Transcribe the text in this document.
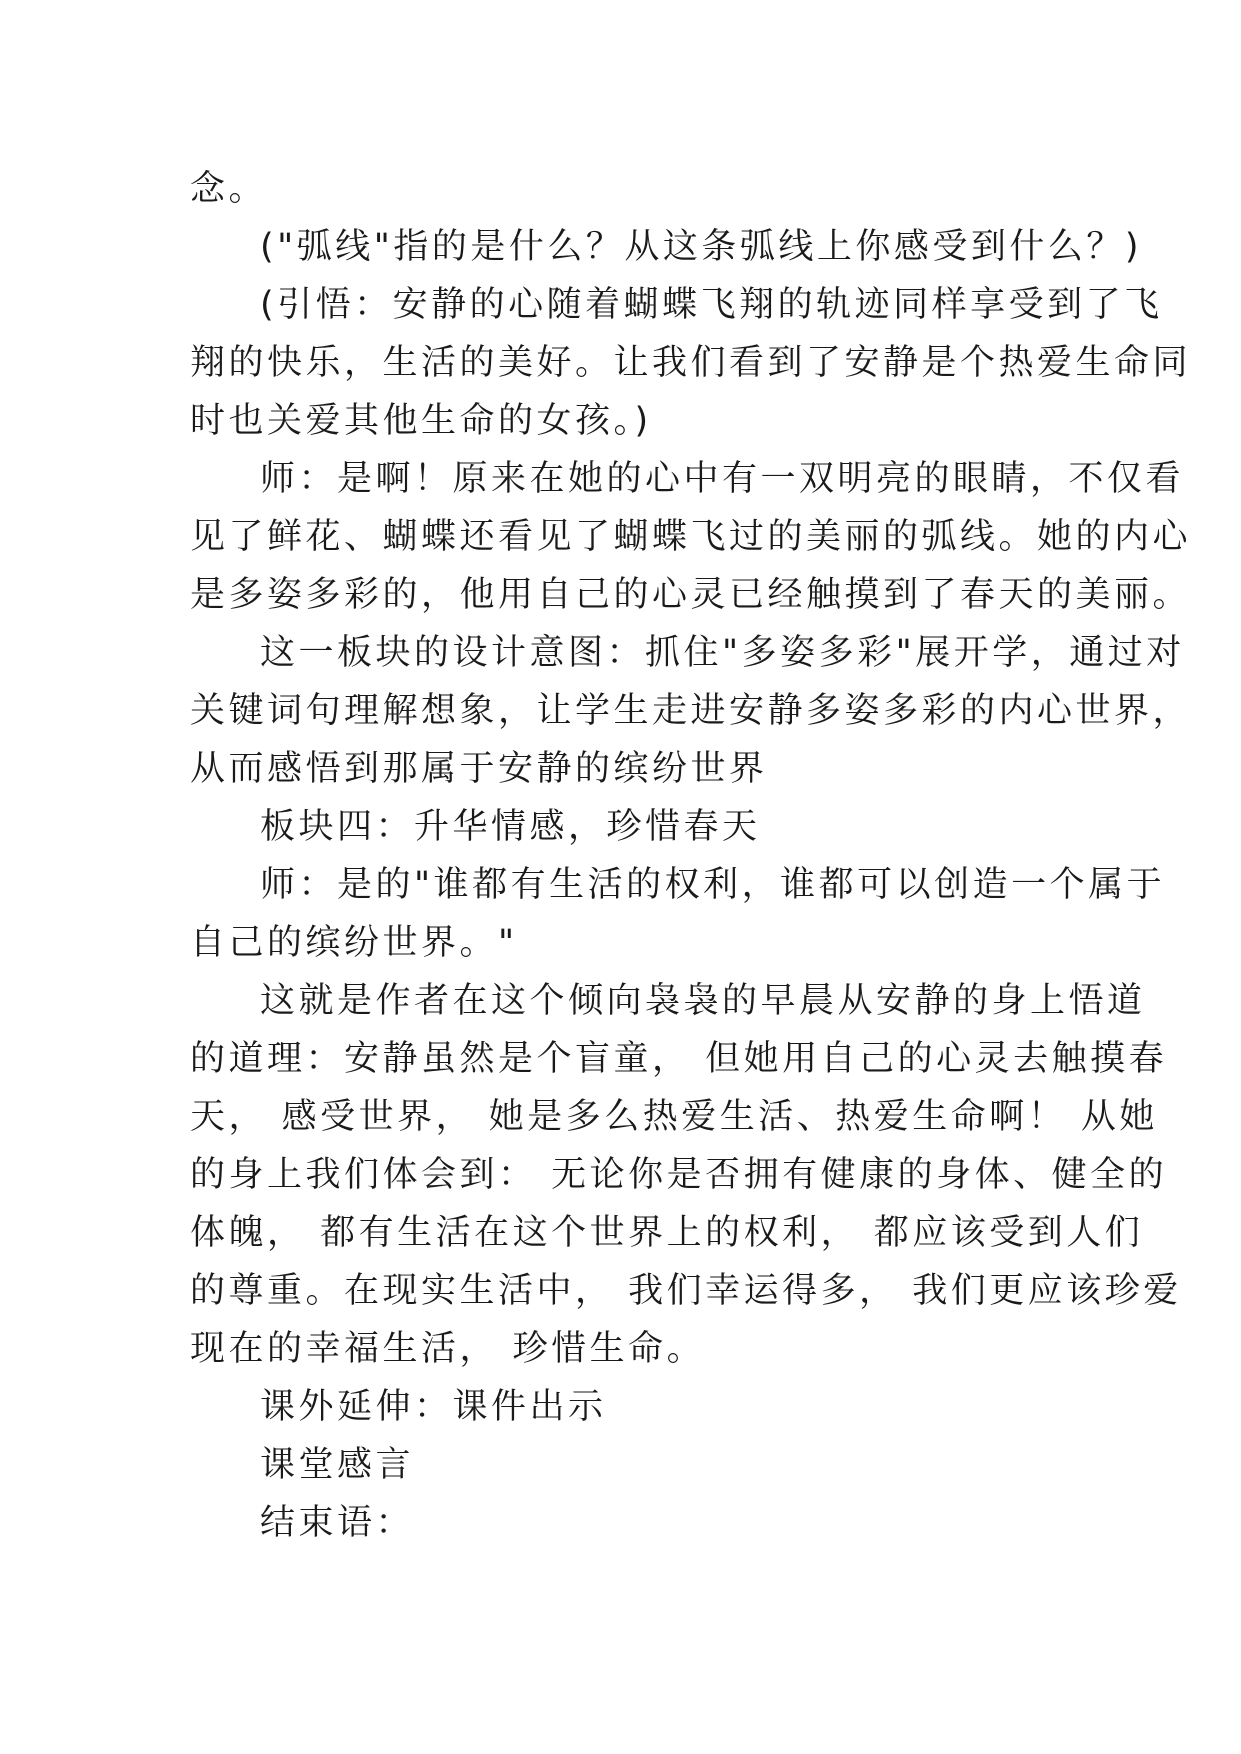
念。
("弧线"指的是什么？从这条弧线上你感受到什么？)
(引悟：安静的心随着蝴蝶飞翔的轨迹同样享受到了飞
翔的快乐，生活的美好。让我们看到了安静是个热爱生命同
时也关爱其他生命的女孩。)
师：是啊！原来在她的心中有一双明亮的眼睛，不仅看
见了鲜花、蝴蝶还看见了蝴蝶飞过的美丽的弧线。她的内心
是多姿多彩的，他用自己的心灵已经触摸到了春天的美丽。
这一板块的设计意图：抓住"多姿多彩"展开学，通过对
关键词句理解想象，让学生走进安静多姿多彩的内心世界，
从而感悟到那属于安静的缤纷世界
板块四：升华情感，珍惜春天
师：是的"谁都有生活的权利，谁都可以创造一个属于
自己的缤纷世界。"
这就是作者在这个倾向袅袅的早晨从安静的身上悟道
的道理：安静虽然是个盲童， 但她用自己的心灵去触摸春
天， 感受世界， 她是多么热爱生活、热爱生命啊！ 从她
的身上我们体会到： 无论你是否拥有健康的身体、健全的
体魄， 都有生活在这个世界上的权利， 都应该受到人们
的尊重。在现实生活中， 我们幸运得多， 我们更应该珍爱
现在的幸福生活， 珍惜生命。
课外延伸：课件出示
课堂感言
结束语：
